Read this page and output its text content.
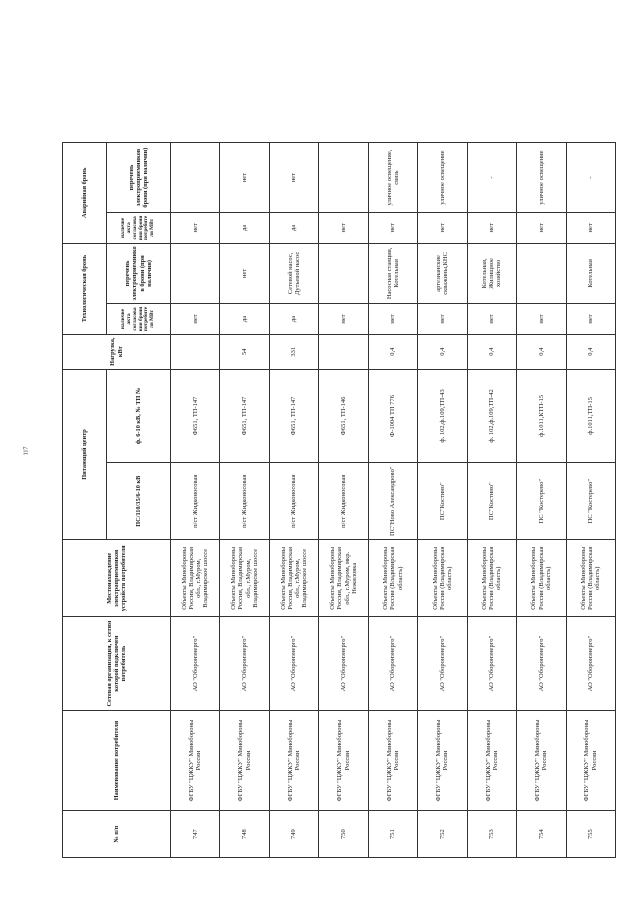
117
№ п/п	Наименование потребителя	Сетевая организация, к сетям которой подключен потребитель	Местонахождение электроприемников устройств потребителя	Питающий центр		Нагрузка, кВт	Технологическая бронь		Аварийная бронь	
				ПС/110/35/6-10 кВ	ф. 6-10 кВ, № ТП №		наличие акта согласования брони потребителя МВт	перечень электроприемников брони (при наличии)	наличие акта согласования брони потребителя МВт	перечень электроприемников брони (при наличии)
747	ФГБУ "ЦЖКУ" Минобороны России	АО "Оборонэнерго"	Объекты Минобороны России, Владимирская обл., г.Муром, Владимирское шоссе	п/ст Жидконосовая	Ф651, ТП-147		нет		нет	
748	ФГБУ "ЦЖКУ" Минобороны России	АО "Оборонэнерго"	Объекты Минобороны России, Владимирская обл., г.Муром, Владимирское шоссе	п/ст Жидконосовая	Ф651, ТП-147	54	да	нет	да	нет
749	ФГБУ "ЦЖКУ" Минобороны России	АО "Оборонэнерго"	Объекты Минобороны России, Владимирская обл., г.Муром, Владимирское шоссе	п/ст Жидконосовая	Ф651, ТП-147	331	да	Сетевой насос, Дутьевой насос	да	нет
750	ФГБУ "ЦЖКУ" Минобороны России	АО "Оборонэнерго"	Объекты Минобороны России, Владимирская обл., г.Муром, мкр. Нежиловка	п/ст Жидконосовая	Ф651, ТП-146		нет		нет	
751	ФГБУ "ЦЖКУ" Минобороны России	АО "Оборонэнерго"	Объекты Минобороны России (Владимирская область)	ПС"Ново Александрово"	Ф-1004 ТП 776	0,4	нет	Насосная станция, Котельная	нет	уличное освещение, связь
752	ФГБУ "ЦЖКУ" Минобороны России	АО "Оборонэнерго"	Объекты Минобороны России (Владимирская область)	ПС"Костино"	ф. 102,ф.109,ТП-43	0,4	нет	артезианские скважины,КНС	нет	уличное освещение
753	ФГБУ "ЦЖКУ" Минобороны России	АО "Оборонэнерго"	Объекты Минобороны России (Владимирская область)	ПС"Костино"	ф. 102,ф.109,ТП-42	0,4	нет	Котельная, Жилищное хозяйство	нет	-
754	ФГБУ "ЦЖКУ" Минобороны России	АО "Оборонэнерго"	Объекты Минобороны России (Владимирская область)	ПС "Костерево"	ф.1011,КТП-15	0,4	нет		нет	уличное освещение
755	ФГБУ "ЦЖКУ" Минобороны России	АО "Оборонэнерго"	Объекты Минобороны России (Владимирская область)	ПС "Костерево"	ф.1011,ТП-15	0,4	нет	Котельная	нет	-
